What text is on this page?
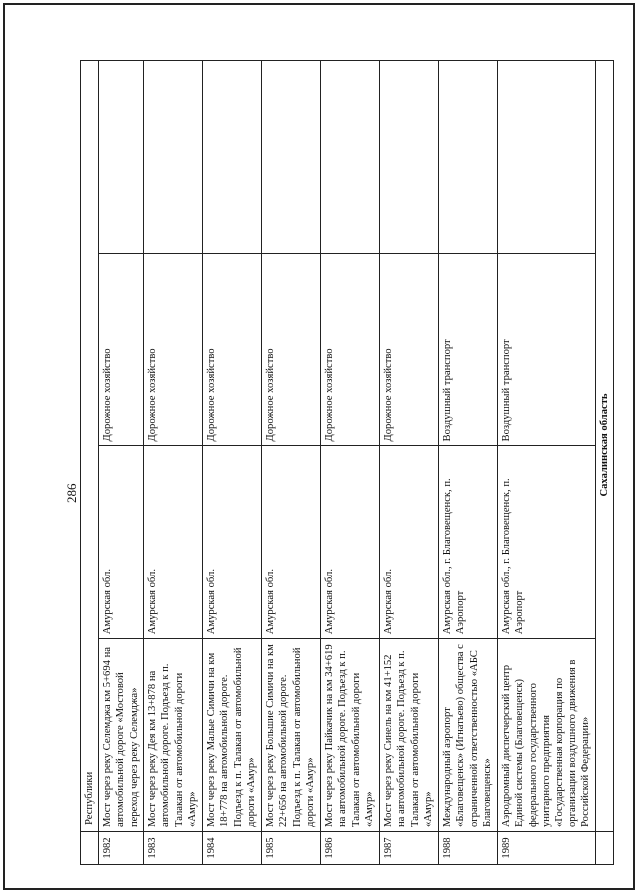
286
	Республики			
1982	Мост через реку Селемджа км 5+694 на автомобильной дороге «Мостовой переход через реку Селемджа»	Амурская обл.	Дорожное хозяйство	
1983	Мост через реку Дея км 13+878 на автомобильной дороге. Подъезд к п. Талакан от автомобильной дороги «Амур»	Амурская обл.	Дорожное хозяйство	
1984	Мост через реку Малые Симичи на км 18+778 на автомобильной дороге. Подъезд к п. Талакан от автомобильной дороги «Амур»	Амурская обл.	Дорожное хозяйство	
1985	Мост через реку Большие Симичи на км 22+656 на автомобильной дороге. Подъезд к п. Талакан от автомобильной дороги «Амур»	Амурская обл.	Дорожное хозяйство	
1986	Мост через реку Пайкачик на км 34+619 на автомобильной дороге. Подъезд к п. Талакан от автомобильной дороги «Амур»	Амурская обл.	Дорожное хозяйство	
1987	Мост через реку Синель на км 41+152 на автомобильной дороге. Подъезд к п. Талакан от автомобильной дороги «Амур»	Амурская обл.	Дорожное хозяйство	
1988	Международный аэропорт «Благовещенск» (Игнатьево) общества с ограниченной ответственностью «АБС Благовещенск»	Амурская обл., г. Благовещенск, п. Аэропорт	Воздушный транспорт	
1989	Аэродромный диспетчерский центр Единой системы (Благовещенск) федерального государственного унитарного предприятия «Государственная корпорация по организации воздушного движения в Российской Федерации»	Амурская обл., г. Благовещенск, п. Аэропорт	Воздушный транспорт	
	Сахалинская область			
